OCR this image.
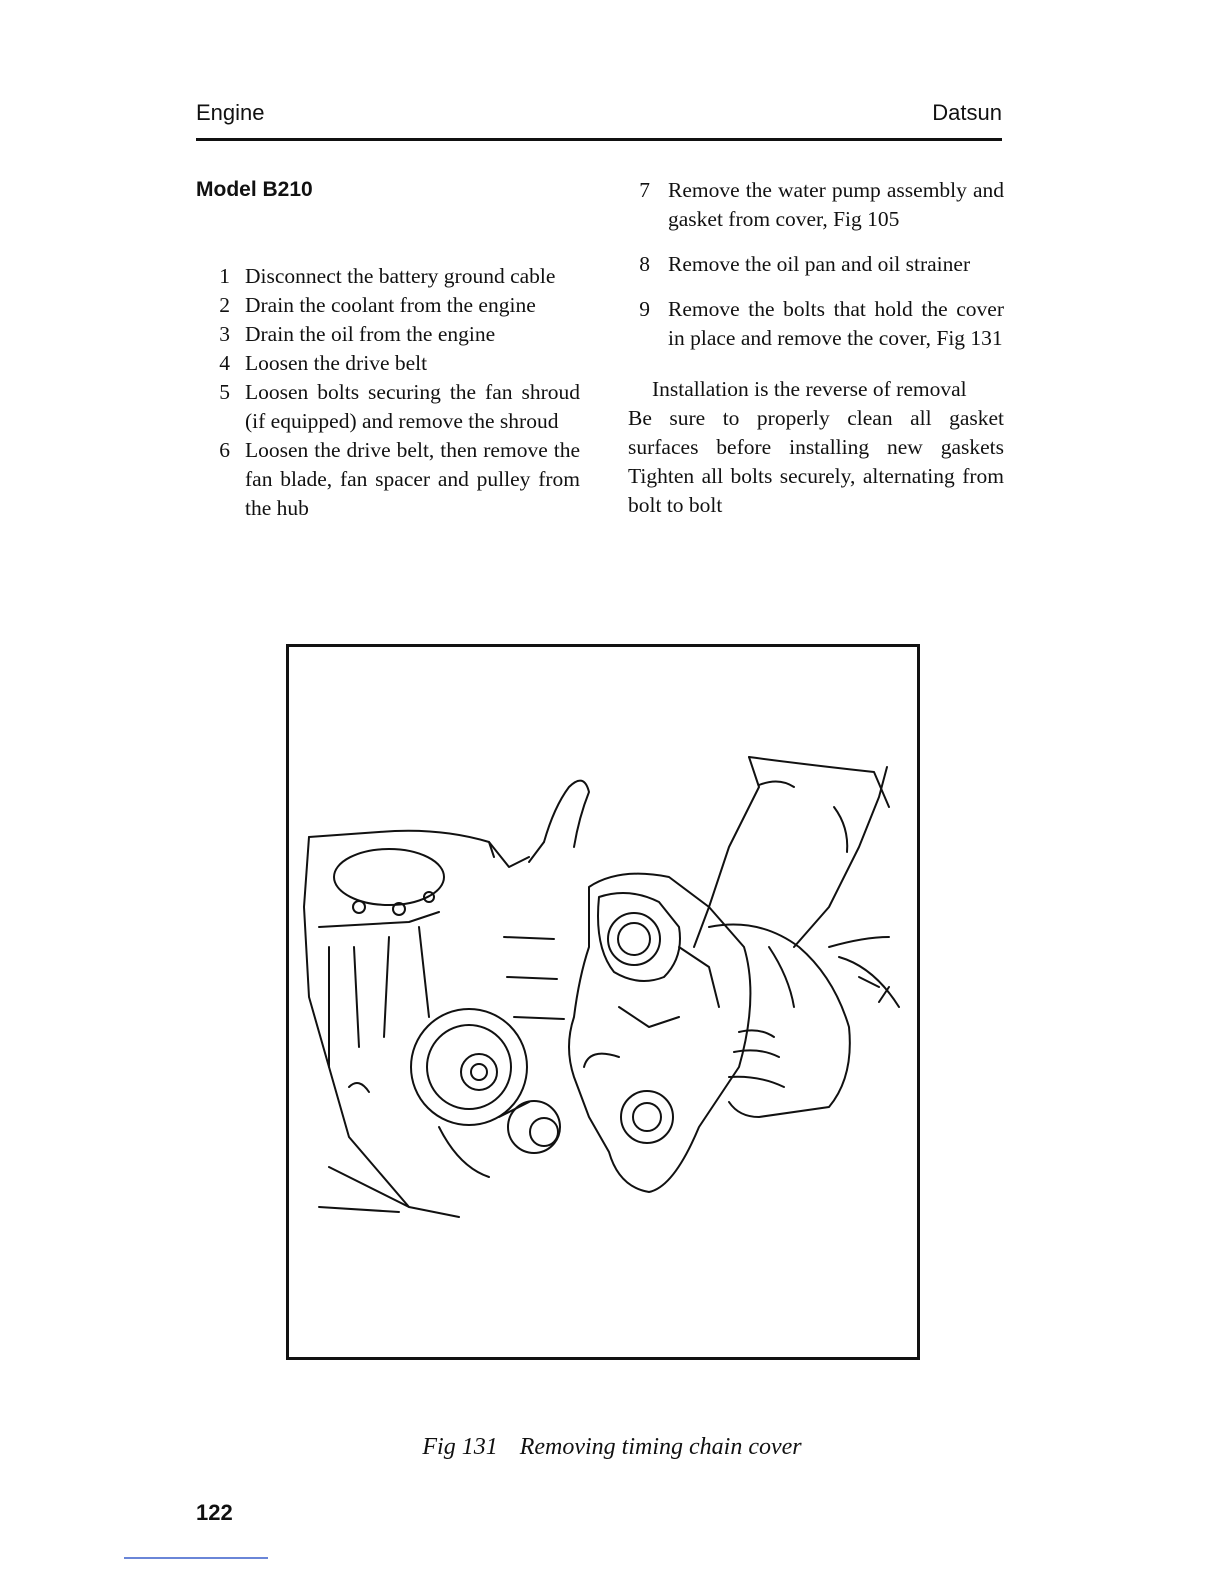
Engine	Datsun
Model B210

1 Disconnect the battery ground cable

2 Drain the coolant from the engine

3 Drain the oil from the engine

4 Loosen the drive belt

5 Loosen bolts securing the fan shroud (if equipped) and remove the shroud

6 Loosen the drive belt, then remove the fan blade, fan spacer and pulley from the hub

7 Remove the water pump assembly and gasket from cover, Fig 105

8 Remove the oil pan and oil strainer

9 Remove the bolts that hold the cover in place and remove the cover, Fig 131

Installation is the reverse of removal

Be sure to properly clean all gasket surfaces before installing new gaskets Tighten all bolts securely, alternating from bolt to bolt

Fig 131 Removing timing chain cover
122
